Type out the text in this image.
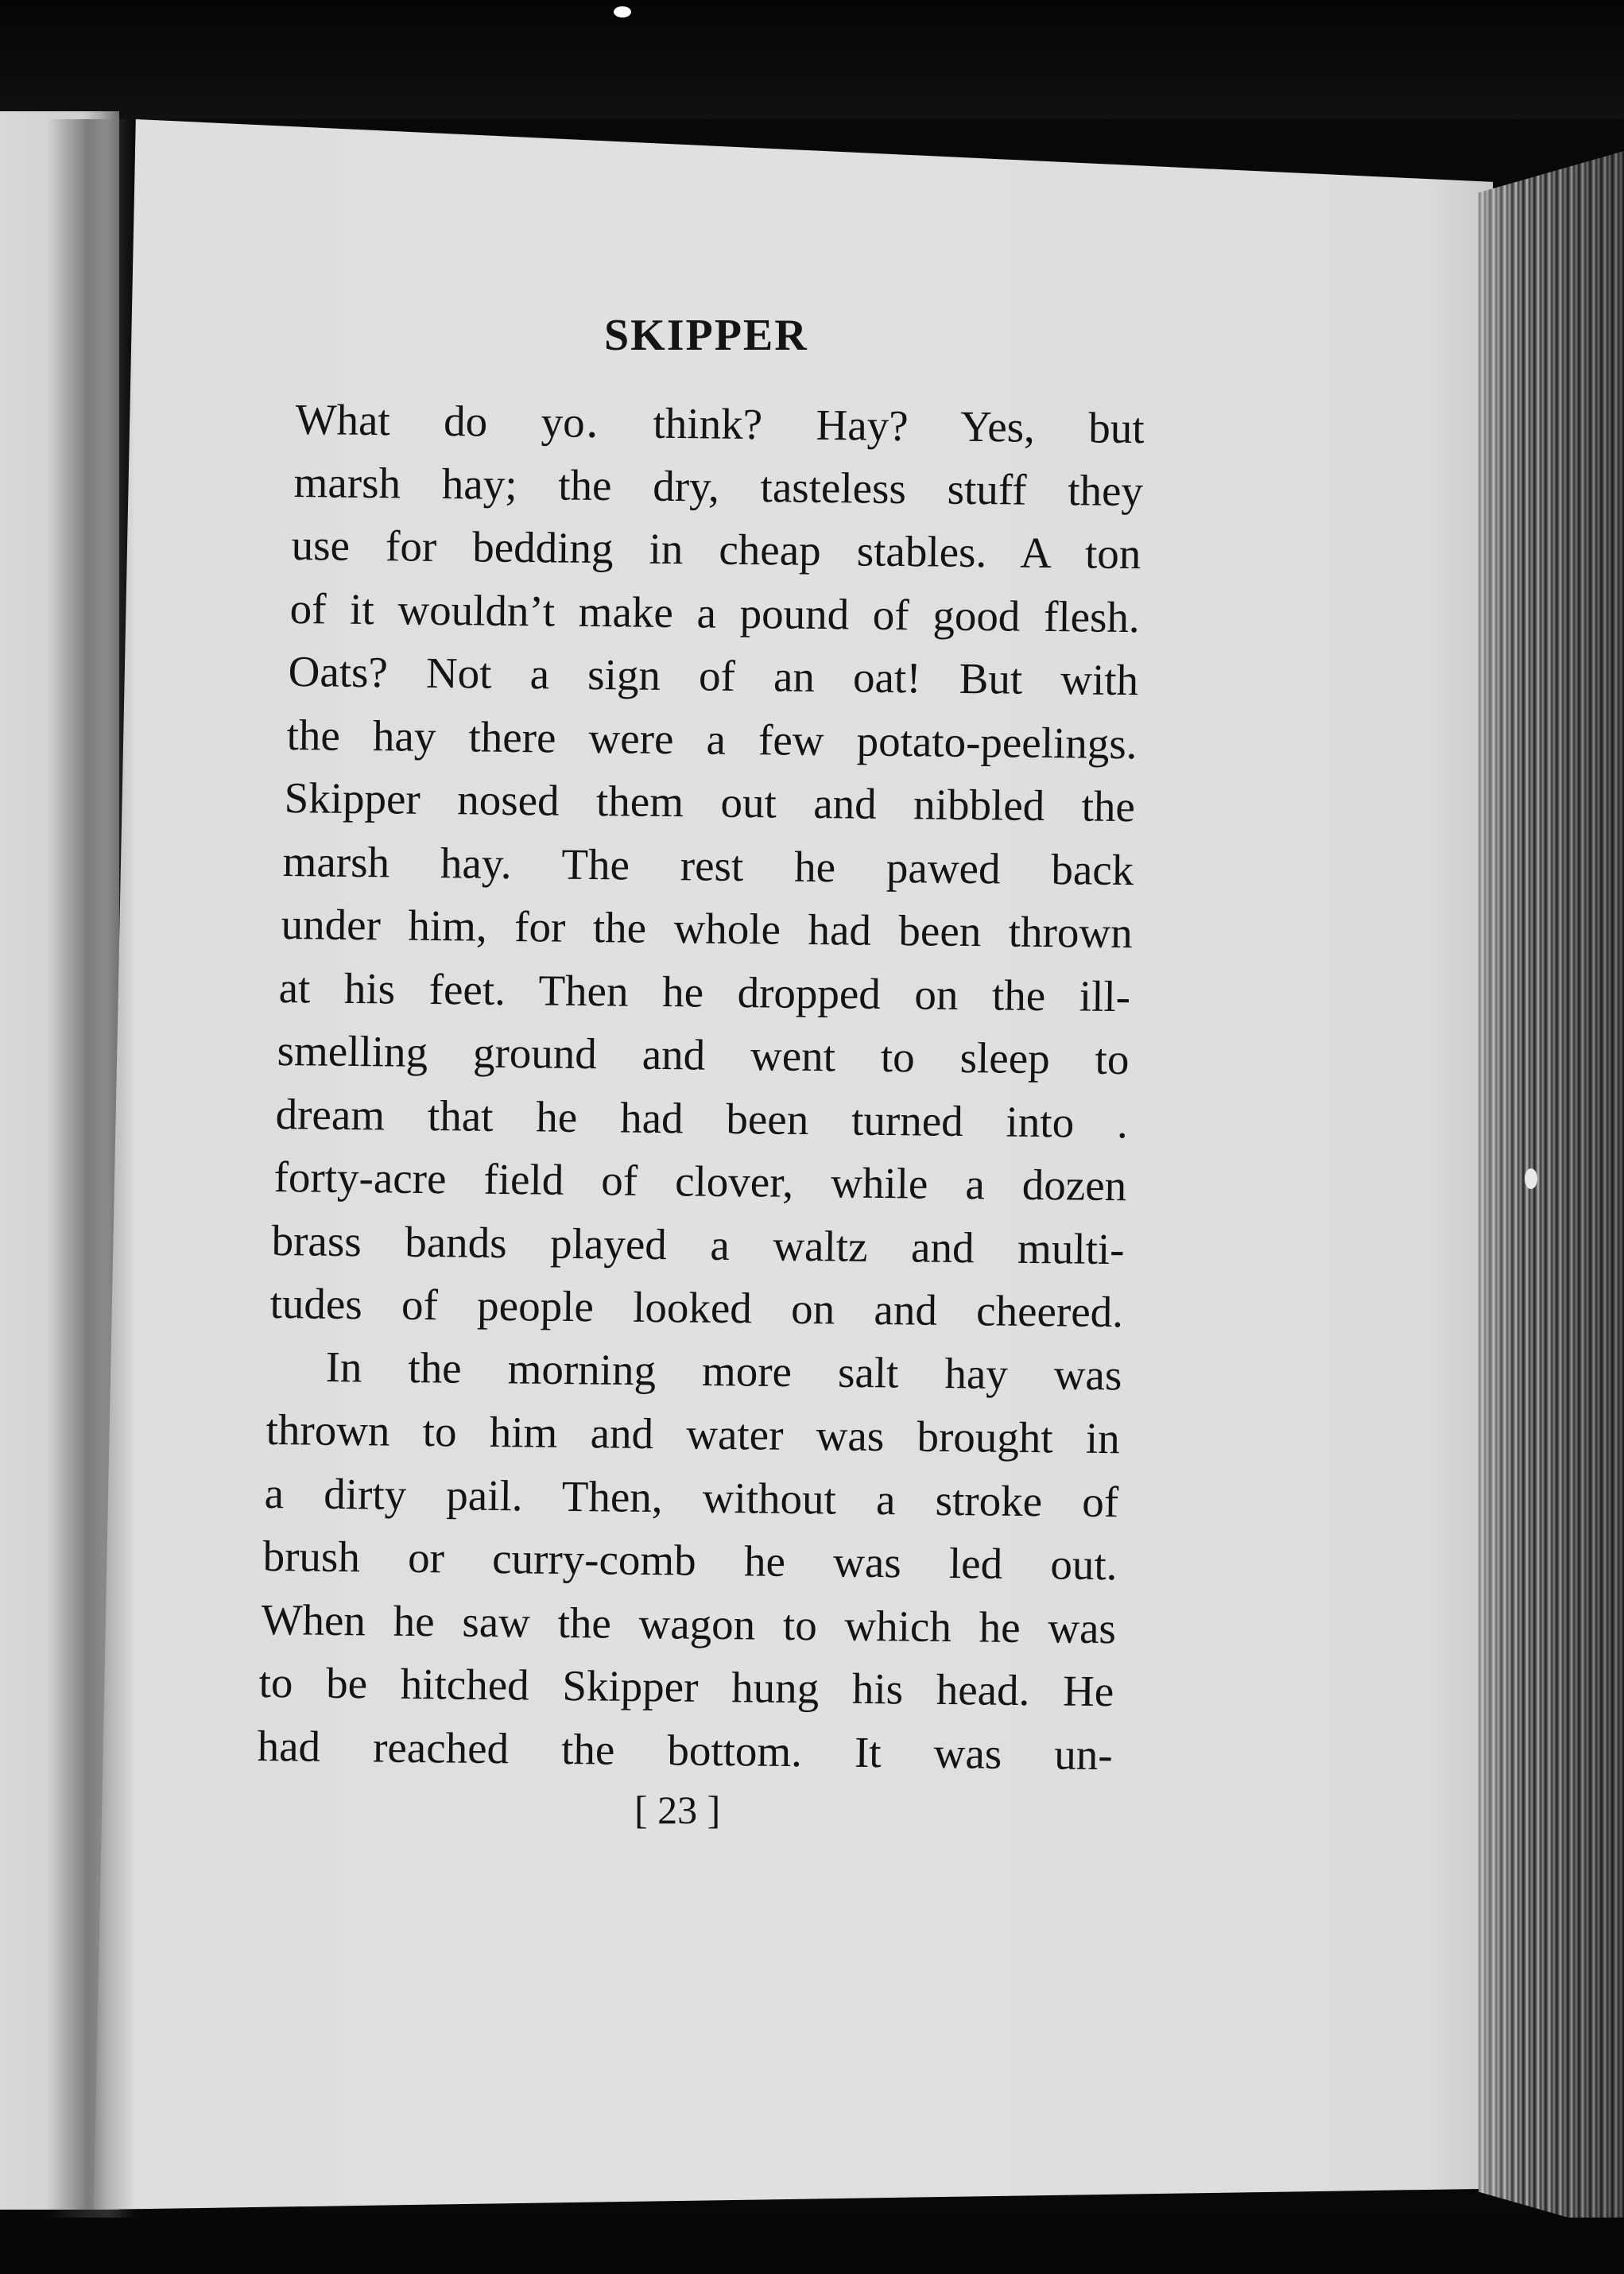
SKIPPER
What do yo․ think? Hay? Yes, but
marsh hay; the dry, tasteless stuff they
use for bedding in cheap stables. A ton
of it wouldn’t make a pound of good flesh.
Oats? Not a sign of an oat! But with
the hay there were a few potato-peelings.
Skipper nosed them out and nibbled the
marsh hay. The rest he pawed back
under him, for the whole had been thrown
at his feet. Then he dropped on the ill-
smelling ground and went to sleep to
dream that he had been turned into .
forty-acre field of clover, while a dozen
brass bands played a waltz and multi-
tudes of people looked on and cheered.
In the morning more salt hay was
thrown to him and water was brought in
a dirty pail. Then, without a stroke of
brush or curry-comb he was led out.
When he saw the wagon to which he was
to be hitched Skipper hung his head. He
had reached the bottom. It was un-
[ 23 ]
